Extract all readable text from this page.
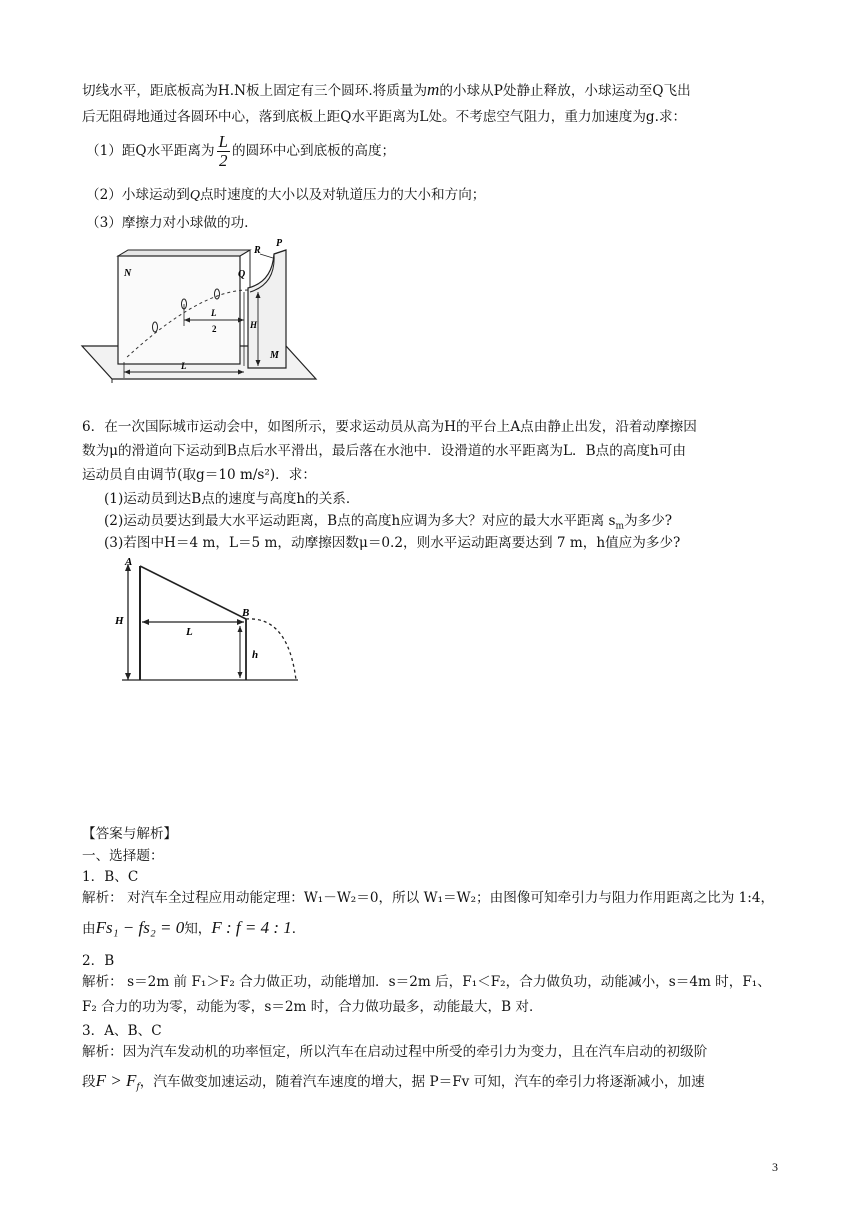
切线水平，距底板高为H.N板上固定有三个圆环.将质量为m的小球从P处静止释放，小球运动至Q飞出
后无阻碍地通过各圆环中心，落到底板上距Q水平距离为L处。不考虑空气阻力，重力加速度为g.求：
（1）距Q水平距离为 $\frac{L}{2}$ 的圆环中心到底板的高度；
（2）小球运动到Q点时速度的大小以及对轨道压力的大小和方向；
（3）摩擦力对小球做的功.
N	Q
R
P
H
M
L
2
L
6．在一次国际城市运动会中，如图所示，要求运动员从高为H的平台上A点由静止出发，沿着动摩擦因
数为μ的滑道向下运动到B点后水平滑出，最后落在水池中．设滑道的水平距离为L．B点的高度h可由
运动员自由调节(取g＝10 m/s²)．求：
(1)运动员到达B点的速度与高度h的关系．
(2)运动员要达到最大水平运动距离，B点的高度h应调为多大？对应的最大水平距离 $s_m$为多少?
(3)若图中H＝4 m，L＝5 m，动摩擦因数μ＝0.2，则水平运动距离要达到 7 m，h值应为多少?
A
B
H
L
h
【答案与解析】
一、选择题：
1．B、C
解析： 对汽车全过程应用动能定理：W₁－W₂＝0，所以 W₁＝W₂；由图像可知牵引力与阻力作用距离之比为 1:4，
由Fs₁ − fs₂ = 0知，F : f = 4 : 1．
2．B
解析： s＝2m 前 F₁＞F₂ 合力做正功，动能增加．s＝2m 后，F₁＜F₂，合力做负功，动能减小，s＝4m 时，F₁、
F₂ 合力的功为零，动能为零，s＝2m 时，合力做功最多，动能最大，B 对．
3．A、B、C
解析：因为汽车发动机的功率恒定，所以汽车在启动过程中所受的牵引力为变力，且在汽车启动的初级阶
段$F > F_f$，汽车做变加速运动，随着汽车速度的增大，据 P＝Fv 可知，汽车的牵引力将逐渐减小，加速
3
